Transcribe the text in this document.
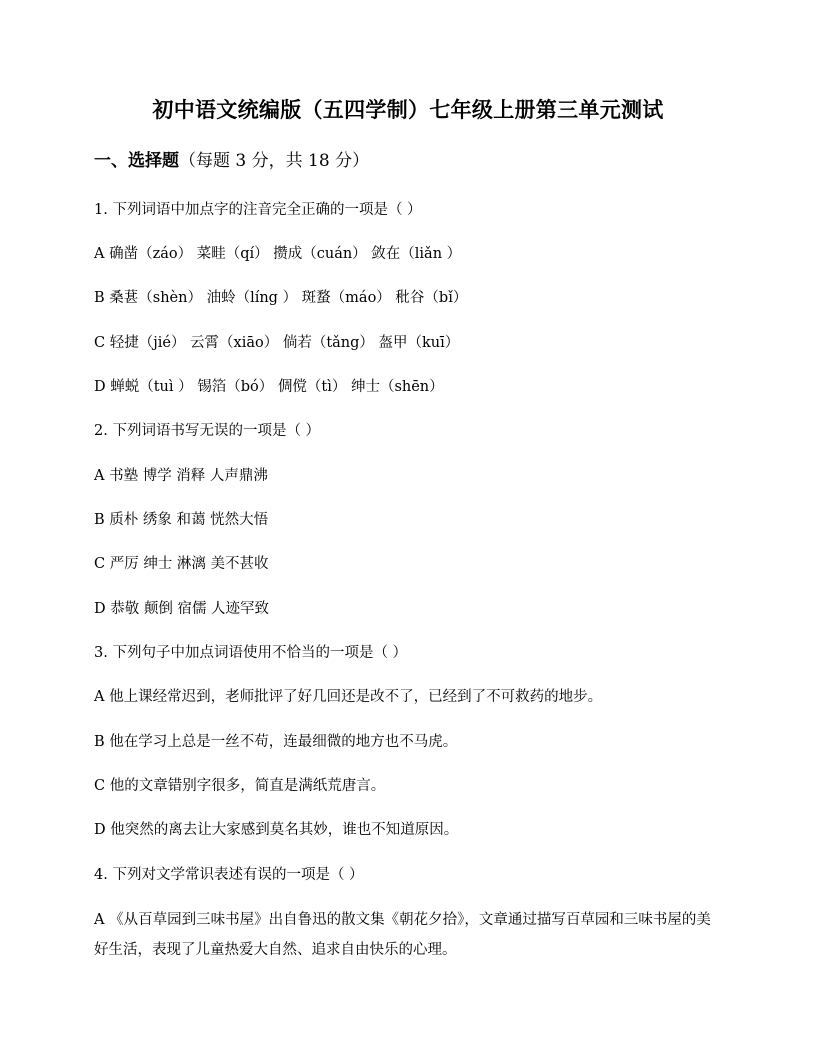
初中语文统编版（五四学制）七年级上册第三单元测试
一、选择题（每题 3 分，共 18 分）
1. 下列词语中加点字的注音完全正确的一项是（ ）
A 确凿（záo） 菜畦（qí） 攒成（cuán） 敛在（liǎn ）
B 桑葚（shèn） 油蛉（líng ） 斑蝥（máo） 秕谷（bǐ）
C 轻捷（jié） 云霄（xiāo） 倘若（tǎng） 盔甲（kuī）
D 蝉蜕（tuì ） 锡箔（bó） 倜傥（tì） 绅士（shēn）
2. 下列词语书写无误的一项是（ ）
A 书塾 博学 消释 人声鼎沸
B 质朴 绣象 和蔼 恍然大悟
C 严厉 绅士 淋漓 美不甚收
D 恭敬 颠倒 宿儒 人迹罕致
3. 下列句子中加点词语使用不恰当的一项是（ ）
A 他上课经常迟到，老师批评了好几回还是改不了，已经到了不可救药的地步。
B 他在学习上总是一丝不苟，连最细微的地方也不马虎。
C 他的文章错别字很多，简直是满纸荒唐言。
D 他突然的离去让大家感到莫名其妙，谁也不知道原因。
4. 下列对文学常识表述有误的一项是（ ）
A 《从百草园到三味书屋》出自鲁迅的散文集《朝花夕拾》，文章通过描写百草园和三味书屋的美好生活，表现了儿童热爱大自然、追求自由快乐的心理。
